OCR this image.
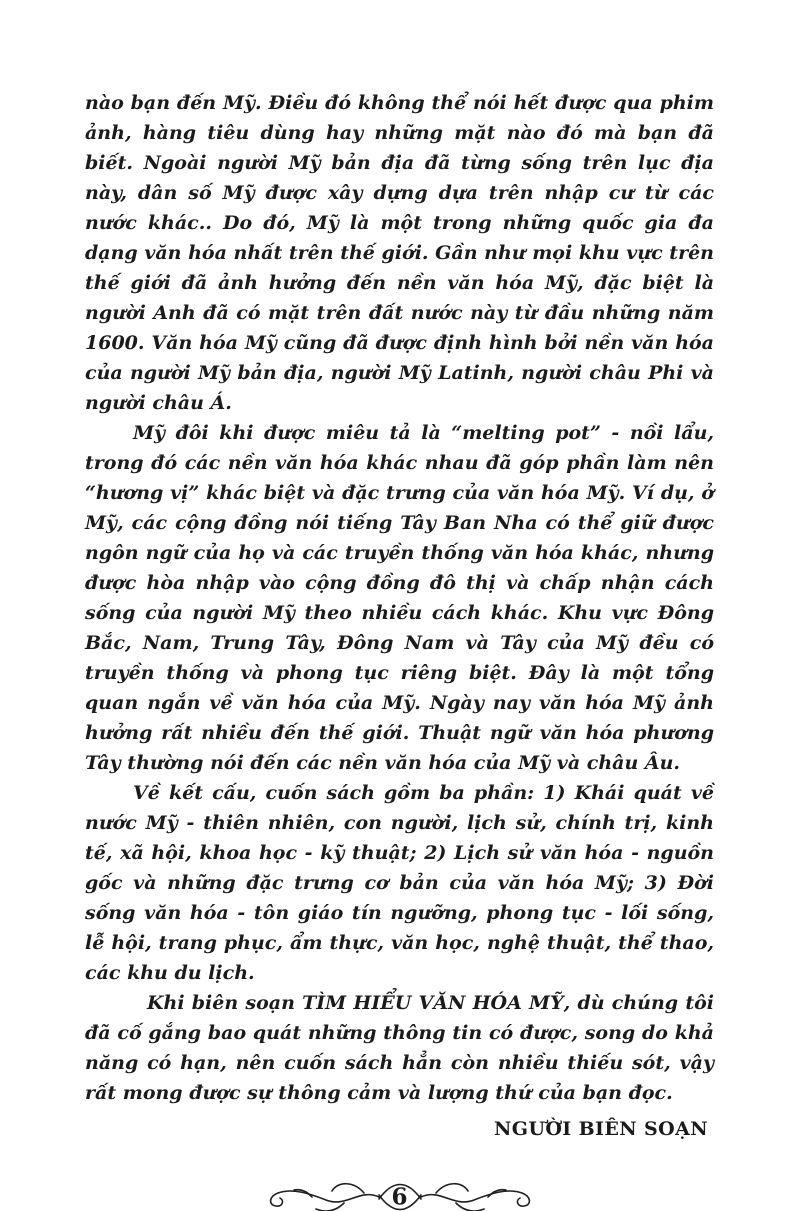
nào bạn đến Mỹ. Điều đó không thể nói hết được qua phim ảnh, hàng tiêu dùng hay những mặt nào đó mà bạn đã biết. Ngoài người Mỹ bản địa đã từng sống trên lục địa này, dân số Mỹ được xây dựng dựa trên nhập cư từ các nước khác.. Do đó, Mỹ là một trong những quốc gia đa dạng văn hóa nhất trên thế giới. Gần như mọi khu vực trên thế giới đã ảnh hưởng đến nền văn hóa Mỹ, đặc biệt là người Anh đã có mặt trên đất nước này từ đầu những năm 1600. Văn hóa Mỹ cũng đã được định hình bởi nền văn hóa của người Mỹ bản địa, người Mỹ Latinh, người châu Phi và người châu Á.

Mỹ đôi khi được miêu tả là “melting pot” - nồi lẩu, trong đó các nền văn hóa khác nhau đã góp phần làm nên “hương vị” khác biệt và đặc trưng của văn hóa Mỹ. Ví dụ, ở Mỹ, các cộng đồng nói tiếng Tây Ban Nha có thể giữ được ngôn ngữ của họ và các truyền thống văn hóa khác, nhưng được hòa nhập vào cộng đồng đô thị và chấp nhận cách sống của người Mỹ theo nhiều cách khác. Khu vực Đông Bắc, Nam, Trung Tây, Đông Nam và Tây của Mỹ đều có truyền thống và phong tục riêng biệt. Đây là một tổng quan ngắn về văn hóa của Mỹ. Ngày nay văn hóa Mỹ ảnh hưởng rất nhiều đến thế giới. Thuật ngữ văn hóa phương Tây thường nói đến các nền văn hóa của Mỹ và châu Âu.

Về kết cấu, cuốn sách gồm ba phần: 1) Khái quát về nước Mỹ - thiên nhiên, con người, lịch sử, chính trị, kinh tế, xã hội, khoa học - kỹ thuật; 2) Lịch sử văn hóa - nguồn gốc và những đặc trưng cơ bản của văn hóa Mỹ; 3) Đời sống văn hóa - tôn giáo tín ngưỡng, phong tục - lối sống, lễ hội, trang phục, ẩm thực, văn học, nghệ thuật, thể thao, các khu du lịch.

Khi biên soạn TÌM HIỂU VĂN HÓA MỸ, dù chúng tôi đã cố gắng bao quát những thông tin có được, song do khả năng có hạn, nên cuốn sách hẳn còn nhiều thiếu sót, vậy rất mong được sự thông cảm và lượng thứ của bạn đọc.

NGƯỜI BIÊN SOẠN
6
